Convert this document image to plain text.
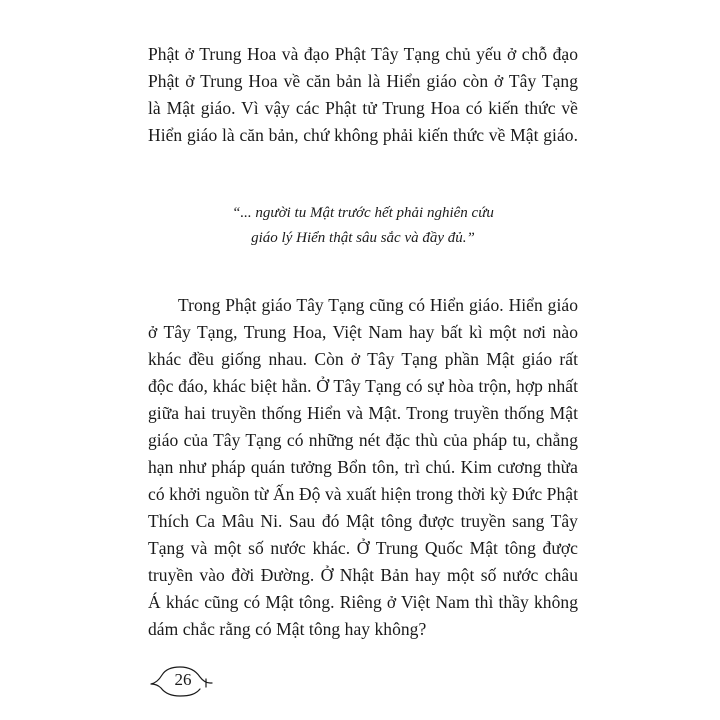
Phật ở Trung Hoa và đạo Phật Tây Tạng chủ yếu ở chỗ đạo
Phật ở Trung Hoa về căn bản là Hiển giáo còn ở Tây Tạng
là Mật giáo. Vì vậy các Phật tử Trung Hoa có kiến thức về
Hiển giáo là căn bản, chứ không phải kiến thức về Mật giáo.

“... người tu Mật trước hết phải nghiên cứu
giáo lý Hiển thật sâu sắc và đầy đủ.”

Trong Phật giáo Tây Tạng cũng có Hiển giáo. Hiển giáo
ở Tây Tạng, Trung Hoa, Việt Nam hay bất kì một nơi nào
khác đều giống nhau. Còn ở Tây Tạng phần Mật giáo rất
độc đáo, khác biệt hẳn. Ở Tây Tạng có sự hòa trộn, hợp nhất
giữa hai truyền thống Hiển và Mật. Trong truyền thống Mật
giáo của Tây Tạng có những nét đặc thù của pháp tu, chẳng
hạn như pháp quán tưởng Bổn tôn, trì chú. Kim cương thừa
có khởi nguồn từ Ấn Độ và xuất hiện trong thời kỳ Đức Phật
Thích Ca Mâu Ni. Sau đó Mật tông được truyền sang Tây
Tạng và một số nước khác. Ở Trung Quốc Mật tông được
truyền vào đời Đường. Ở Nhật Bản hay một số nước châu
Á khác cũng có Mật tông. Riêng ở Việt Nam thì thầy không
dám chắc rằng có Mật tông hay không?

26
